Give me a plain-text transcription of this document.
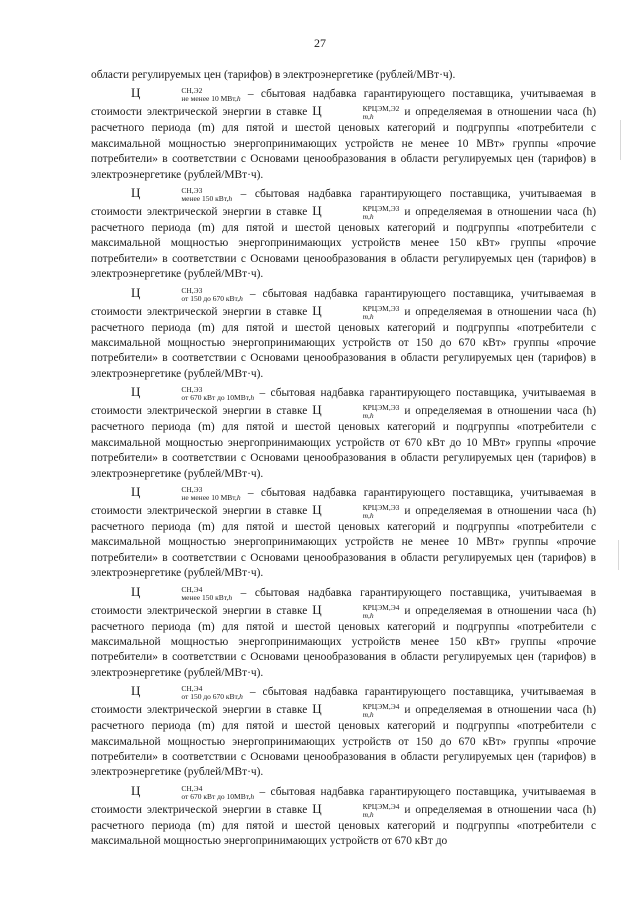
27

области регулируемых цен (тарифов) в электроэнергетике (рублей/МВт·ч).

Ц	СН,Э2
не менее 10 МВт,h – сбытовая надбавка гарантирующего поставщика, учитываемая в стоимости электрической энергии в ставке Ц	КРЦЭМ,Э2
m,h	и определяемая в отношении часа (h) расчетного периода (m) для пятой и шестой ценовых категорий и подгруппы «потребители с максимальной мощностью энергопринимающих устройств не менее 10 МВт» группы «прочие потребители» в соответствии с Основами ценообразования в области регулируемых цен (тарифов) в электроэнергетике (рублей/МВт·ч).

Ц	СН,Э3
менее 150 кВт,h – сбытовая надбавка гарантирующего поставщика, учитываемая в стоимости электрической энергии в ставке Ц	КРЦЭМ,Э3
m,h	и определяемая в отношении часа (h) расчетного периода (m) для пятой и шестой ценовых категорий и подгруппы «потребители с максимальной мощностью энергопринимающих устройств менее 150 кВт» группы «прочие потребители» в соответствии с Основами ценообразования в области регулируемых цен (тарифов) в электроэнергетике (рублей/МВт·ч).

Ц	СН,Э3
от 150 до 670 кВт,h – сбытовая надбавка гарантирующего поставщика, учитываемая в стоимости электрической энергии в ставке Ц	КРЦЭМ,Э3
m,h	и определяемая в отношении часа (h) расчетного периода (m) для пятой и шестой ценовых категорий и подгруппы «потребители с максимальной мощностью энергопринимающих устройств от 150 до 670 кВт» группы «прочие потребители» в соответствии с Основами ценообразования в области регулируемых цен (тарифов) в электроэнергетике (рублей/МВт·ч).

Ц	СН,Э3
от 670 кВт до 10МВт,h – сбытовая надбавка гарантирующего поставщика, учитываемая в стоимости электрической энергии в ставке Ц	КРЦЭМ,Э3
m,h	и определяемая в отношении часа (h) расчетного периода (m) для пятой и шестой ценовых категорий и подгруппы «потребители с максимальной мощностью энергопринимающих устройств от 670 кВт до 10 МВт» группы «прочие потребители» в соответствии с Основами ценообразования в области регулируемых цен (тарифов) в электроэнергетике (рублей/МВт·ч).

Ц	СН,Э3
не менее 10 МВт,h – сбытовая надбавка гарантирующего поставщика, учитываемая в стоимости электрической энергии в ставке Ц	КРЦЭМ,Э3
m,h	и определяемая в отношении часа (h) расчетного периода (m) для пятой и шестой ценовых категорий и подгруппы «потребители с максимальной мощностью энергопринимающих устройств не менее 10 МВт» группы «прочие потребители» в соответствии с Основами ценообразования в области регулируемых цен (тарифов) в электроэнергетике (рублей/МВт·ч).

Ц	СН,Э4
менее 150 кВт,h – сбытовая надбавка гарантирующего поставщика, учитываемая в стоимости электрической энергии в ставке Ц	КРЦЭМ,Э4
m,h	и определяемая в отношении часа (h) расчетного периода (m) для пятой и шестой ценовых категорий и подгруппы «потребители с максимальной мощностью энергопринимающих устройств менее 150 кВт» группы «прочие потребители» в соответствии с Основами ценообразования в области регулируемых цен (тарифов) в электроэнергетике (рублей/МВт·ч).

Ц	СН,Э4
от 150 до 670 кВт,h – сбытовая надбавка гарантирующего поставщика, учитываемая в стоимости электрической энергии в ставке Ц	КРЦЭМ,Э4
m,h	и определяемая в отношении часа (h) расчетного периода (m) для пятой и шестой ценовых категорий и подгруппы «потребители с максимальной мощностью энергопринимающих устройств от 150 до 670 кВт» группы «прочие потребители» в соответствии с Основами ценообразования в области регулируемых цен (тарифов) в электроэнергетике (рублей/МВт·ч).

Ц	СН,Э4
от 670 кВт до 10МВт,h – сбытовая надбавка гарантирующего поставщика, учитываемая в стоимости электрической энергии в ставке Ц	КРЦЭМ,Э4
m,h	и определяемая в отношении часа (h) расчетного периода (m) для пятой и шестой ценовых категорий и подгруппы «потребители с максимальной мощностью энергопринимающих устройств от 670 кВт до
